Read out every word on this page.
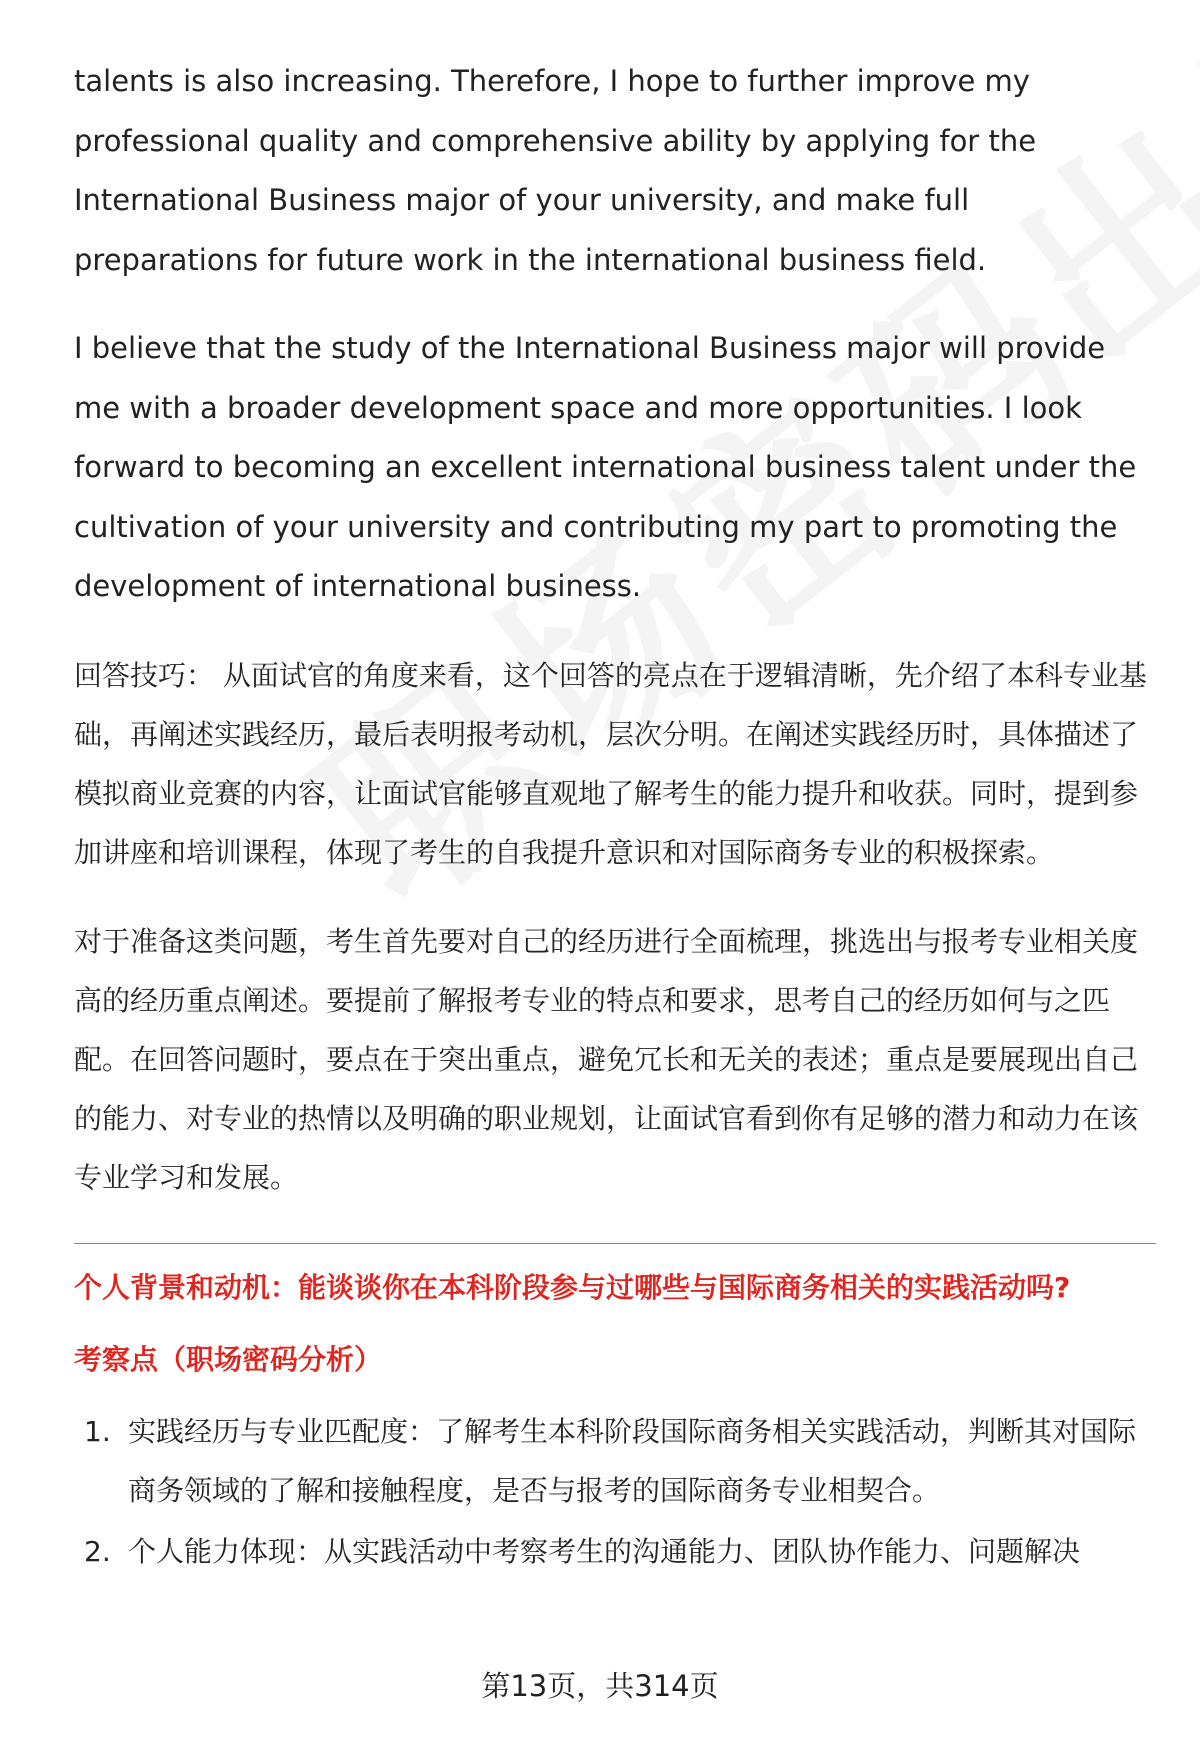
talents is also increasing. Therefore, I hope to further improve my professional quality and comprehensive ability by applying for the International Business major of your university, and make full preparations for future work in the international business field.

I believe that the study of the International Business major will provide me with a broader development space and more opportunities. I look forward to becoming an excellent international business talent under the cultivation of your university and contributing my part to promoting the development of international business.

回答技巧： 从面试官的角度来看，这个回答的亮点在于逻辑清晰，先介绍了本科专业基础，再阐述实践经历，最后表明报考动机，层次分明。在阐述实践经历时，具体描述了模拟商业竞赛的内容，让面试官能够直观地了解考生的能力提升和收获。同时，提到参加讲座和培训课程，体现了考生的自我提升意识和对国际商务专业的积极探索。

对于准备这类问题，考生首先要对自己的经历进行全面梳理，挑选出与报考专业相关度高的经历重点阐述。要提前了解报考专业的特点和要求，思考自己的经历如何与之匹配。在回答问题时，要点在于突出重点，避免冗长和无关的表述；重点是要展现出自己的能力、对专业的热情以及明确的职业规划，让面试官看到你有足够的潜力和动力在该专业学习和发展。

个人背景和动机：能谈谈你在本科阶段参与过哪些与国际商务相关的实践活动吗?
考察点（职场密码分析）
1. 实践经历与专业匹配度：了解考生本科阶段国际商务相关实践活动，判断其对国际商务领域的了解和接触程度，是否与报考的国际商务专业相契合。
2. 个人能力体现：从实践活动中考察考生的沟通能力、团队协作能力、问题解决
第13页，共314页
